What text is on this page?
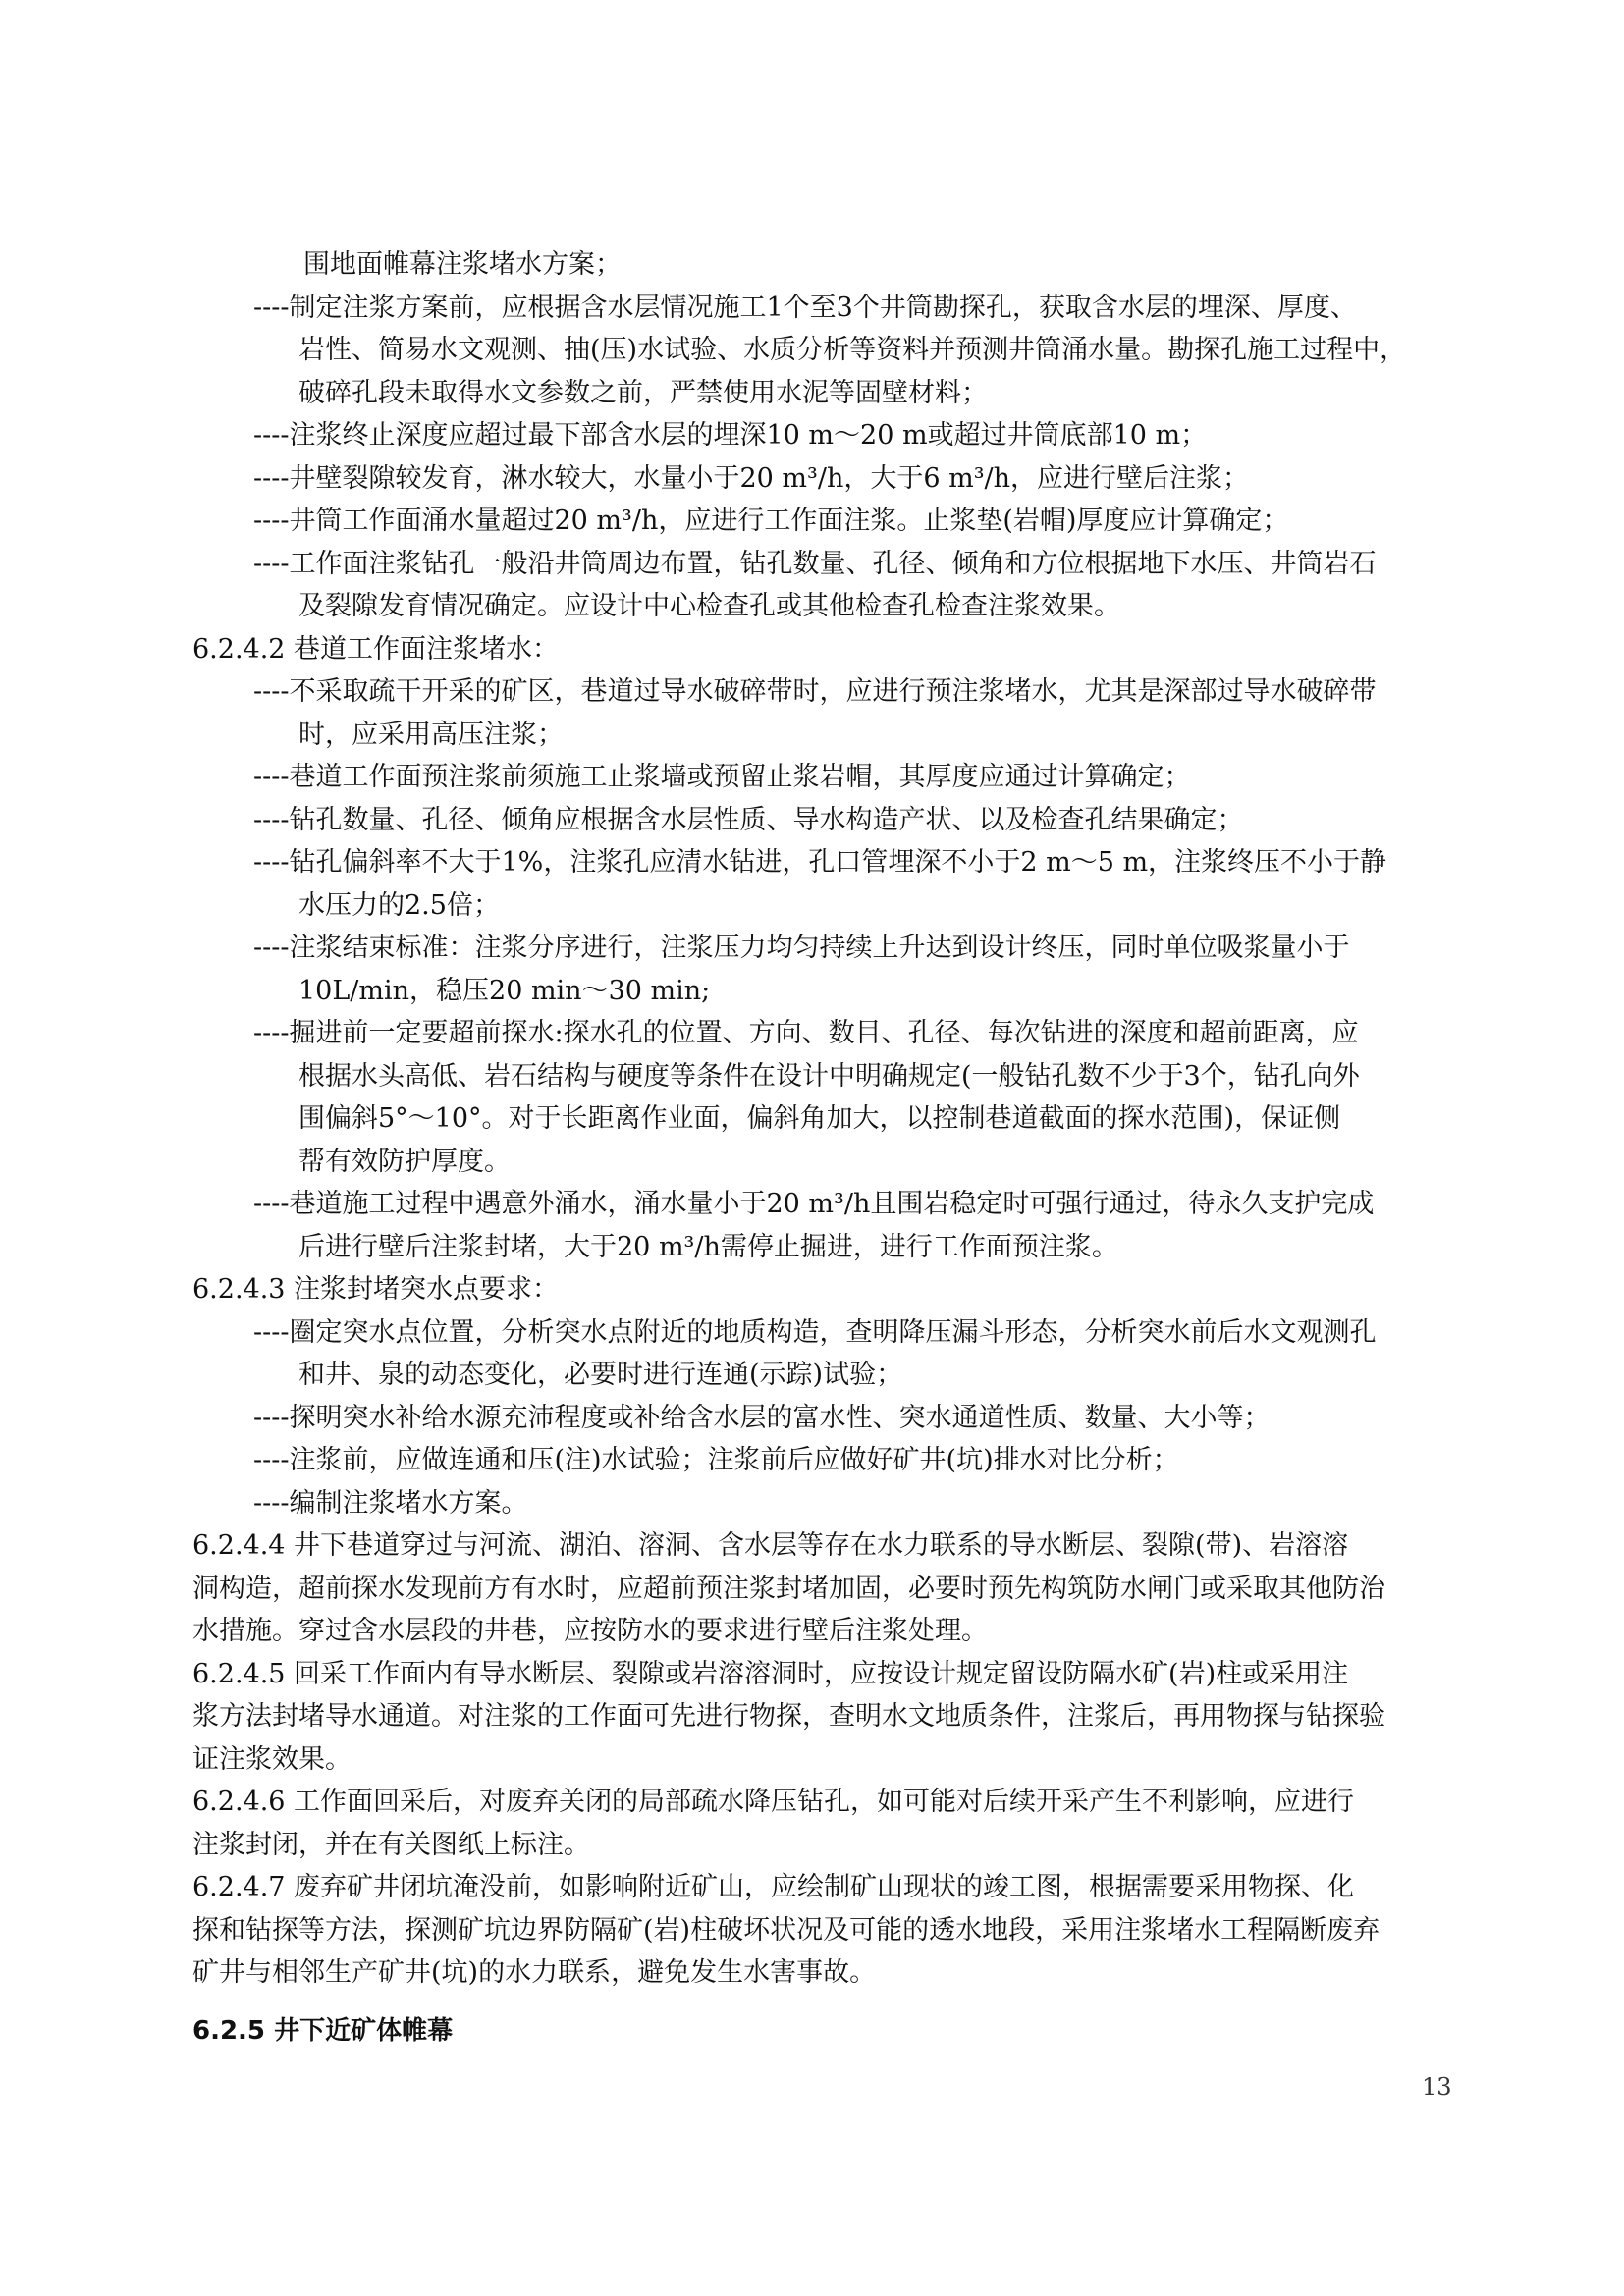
围地面帷幕注浆堵水方案；
----制定注浆方案前，应根据含水层情况施工1个至3个井筒勘探孔，获取含水层的埋深、厚度、
岩性、简易水文观测、抽(压)水试验、水质分析等资料并预测井筒涌水量。勘探孔施工过程中，
破碎孔段未取得水文参数之前，严禁使用水泥等固壁材料；
----注浆终止深度应超过最下部含水层的埋深10 m～20 m或超过井筒底部10 m；
----井壁裂隙较发育，淋水较大，水量小于20 m³/h，大于6 m³/h，应进行壁后注浆；
----井筒工作面涌水量超过20 m³/h，应进行工作面注浆。止浆垫(岩帽)厚度应计算确定；
----工作面注浆钻孔一般沿井筒周边布置，钻孔数量、孔径、倾角和方位根据地下水压、井筒岩石
及裂隙发育情况确定。应设计中心检查孔或其他检查孔检查注浆效果。
6.2.4.2 巷道工作面注浆堵水：
----不采取疏干开采的矿区，巷道过导水破碎带时，应进行预注浆堵水，尤其是深部过导水破碎带
时，应采用高压注浆；
----巷道工作面预注浆前须施工止浆墙或预留止浆岩帽，其厚度应通过计算确定；
----钻孔数量、孔径、倾角应根据含水层性质、导水构造产状、以及检查孔结果确定；
----钻孔偏斜率不大于1%，注浆孔应清水钻进，孔口管埋深不小于2 m～5 m，注浆终压不小于静
水压力的2.5倍；
----注浆结束标准：注浆分序进行，注浆压力均匀持续上升达到设计终压，同时单位吸浆量小于
10L/min，稳压20 min～30 min;
----掘进前一定要超前探水:探水孔的位置、方向、数目、孔径、每次钻进的深度和超前距离，应
根据水头高低、岩石结构与硬度等条件在设计中明确规定(一般钻孔数不少于3个，钻孔向外
围偏斜5°～10°。对于长距离作业面，偏斜角加大，以控制巷道截面的探水范围)，保证侧
帮有效防护厚度。
----巷道施工过程中遇意外涌水，涌水量小于20 m³/h且围岩稳定时可强行通过，待永久支护完成
后进行壁后注浆封堵，大于20 m³/h需停止掘进，进行工作面预注浆。
6.2.4.3 注浆封堵突水点要求：
----圈定突水点位置，分析突水点附近的地质构造，查明降压漏斗形态，分析突水前后水文观测孔
和井、泉的动态变化，必要时进行连通(示踪)试验；
----探明突水补给水源充沛程度或补给含水层的富水性、突水通道性质、数量、大小等；
----注浆前，应做连通和压(注)水试验；注浆前后应做好矿井(坑)排水对比分析；
----编制注浆堵水方案。
6.2.4.4 井下巷道穿过与河流、湖泊、溶洞、含水层等存在水力联系的导水断层、裂隙(带)、岩溶溶
洞构造，超前探水发现前方有水时，应超前预注浆封堵加固，必要时预先构筑防水闸门或采取其他防治
水措施。穿过含水层段的井巷，应按防水的要求进行壁后注浆处理。
6.2.4.5 回采工作面内有导水断层、裂隙或岩溶溶洞时，应按设计规定留设防隔水矿(岩)柱或采用注
浆方法封堵导水通道。对注浆的工作面可先进行物探，查明水文地质条件，注浆后，再用物探与钻探验
证注浆效果。
6.2.4.6 工作面回采后，对废弃关闭的局部疏水降压钻孔，如可能对后续开采产生不利影响，应进行
注浆封闭，并在有关图纸上标注。
6.2.4.7 废弃矿井闭坑淹没前，如影响附近矿山，应绘制矿山现状的竣工图，根据需要采用物探、化
探和钻探等方法，探测矿坑边界防隔矿(岩)柱破坏状况及可能的透水地段，采用注浆堵水工程隔断废弃
矿井与相邻生产矿井(坑)的水力联系，避免发生水害事故。
6.2.5 井下近矿体帷幕
13
